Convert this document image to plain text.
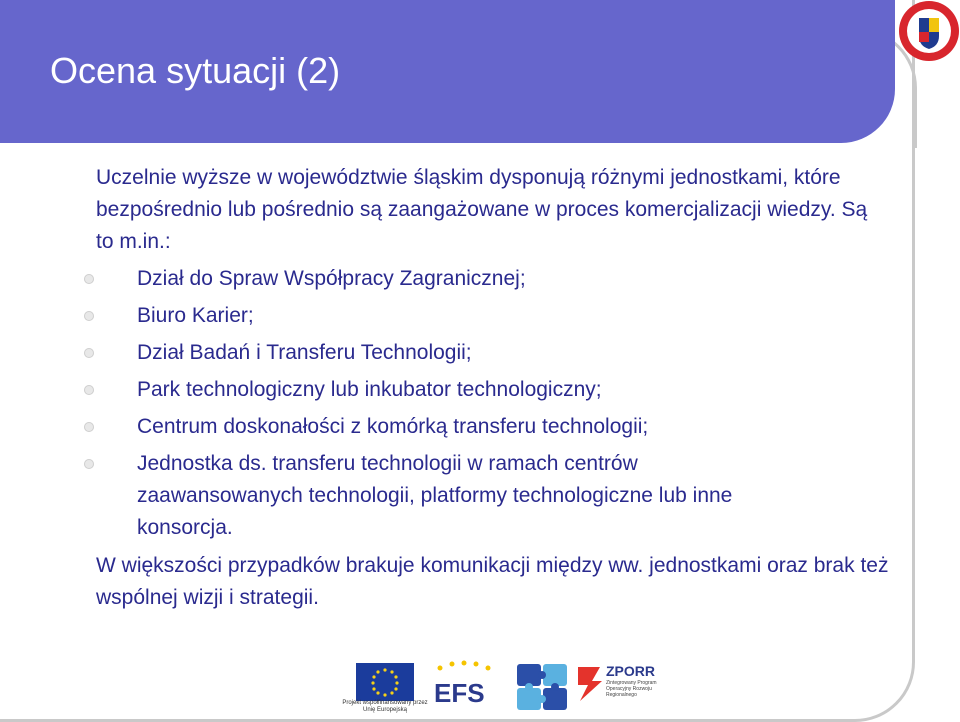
Ocena sytuacji (2)

Uczelnie wyższe w województwie śląskim dysponują różnymi jednostkami, które bezpośrednio lub pośrednio są zaangażowane w proces komercjalizacji wiedzy. Są to m.in.:

Dział do Spraw Współpracy Zagranicznej;
Biuro Karier;
Dział Badań i Transferu Technologii;
Park technologiczny lub inkubator technologiczny;
Centrum doskonałości z komórką transferu technologii;
Jednostka ds. transferu technologii w ramach centrów zaawansowanych technologii, platformy technologiczne lub inne konsorcja.

W większości przypadków brakuje komunikacji między ww. jednostkami oraz brak też wspólnej wizji i strategii.

Projekt współfinansowany przez Unię Europejską
EFS
ZPORR
Zintegrowany Program Operacyjny Rozwoju Regionalnego
